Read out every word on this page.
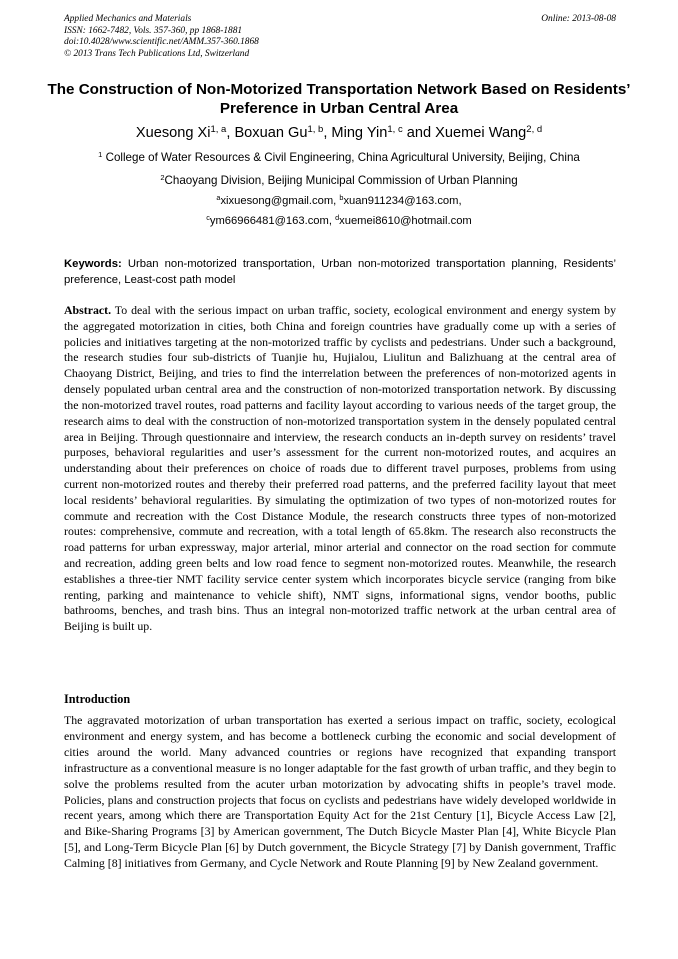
Applied Mechanics and Materials
ISSN: 1662-7482, Vols. 357-360, pp 1868-1881
doi:10.4028/www.scientific.net/AMM.357-360.1868
© 2013 Trans Tech Publications Ltd, Switzerland
Online: 2013-08-08
The Construction of Non-Motorized Transportation Network Based on Residents’ Preference in Urban Central Area
Xuesong Xi$^{1, a}$, Boxuan Gu$^{1, b}$, Ming Yin$^{1, c}$ and Xuemei Wang$^{2, d}$
$^1$ College of Water Resources & Civil Engineering, China Agricultural University, Beijing, China
$^2$Chaoyang Division, Beijing Municipal Commission of Urban Planning
$^a$xixuesong@gmail.com, $^b$xuan911234@163.com,
$^c$ym66966481@163.com, $^d$xuemei8610@hotmail.com
Keywords: Urban non-motorized transportation, Urban non-motorized transportation planning, Residents’ preference, Least-cost path model
Abstract. To deal with the serious impact on urban traffic, society, ecological environment and energy system by the aggregated motorization in cities, both China and foreign countries have gradually come up with a series of policies and initiatives targeting at the non-motorized traffic by cyclists and pedestrians. Under such a background, the research studies four sub-districts of Tuanjie hu, Hujialou, Liulitun and Balizhuang at the central area of Chaoyang District, Beijing, and tries to find the interrelation between the preferences of non-motorized agents in densely populated urban central area and the construction of non-motorized transportation network. By discussing the non-motorized travel routes, road patterns and facility layout according to various needs of the target group, the research aims to deal with the construction of non-motorized transportation system in the densely populated central area in Beijing. Through questionnaire and interview, the research conducts an in-depth survey on residents’ travel purposes, behavioral regularities and user’s assessment for the current non-motorized routes, and acquires an understanding about their preferences on choice of roads due to different travel purposes, problems from using current non-motorized routes and thereby their preferred road patterns, and the preferred facility layout that meet local residents’ behavioral regularities. By simulating the optimization of two types of non-motorized routes for commute and recreation with the Cost Distance Module, the research constructs three types of non-motorized routes: comprehensive, commute and recreation, with a total length of 65.8km. The research also reconstructs the road patterns for urban expressway, major arterial, minor arterial and connector on the road section for commute and recreation, adding green belts and low road fence to segment non-motorized routes. Meanwhile, the research establishes a three-tier NMT facility service center system which incorporates bicycle service (ranging from bike renting, parking and maintenance to vehicle shift), NMT signs, informational signs, vendor booths, public bathrooms, benches, and trash bins. Thus an integral non-motorized traffic network at the urban central area of Beijing is built up.
Introduction
The aggravated motorization of urban transportation has exerted a serious impact on traffic, society, ecological environment and energy system, and has become a bottleneck curbing the economic and social development of cities around the world. Many advanced countries or regions have recognized that expanding transport infrastructure as a conventional measure is no longer adaptable for the fast growth of urban traffic, and they begin to solve the problems resulted from the acuter urban motorization by advocating shifts in people’s travel mode. Policies, plans and construction projects that focus on cyclists and pedestrians have widely developed worldwide in recent years, among which there are Transportation Equity Act for the 21st Century [1], Bicycle Access Law [2], and Bike-Sharing Programs [3] by American government, The Dutch Bicycle Master Plan [4], White Bicycle Plan [5], and Long-Term Bicycle Plan [6] by Dutch government, the Bicycle Strategy [7] by Danish government, Traffic Calming [8] initiatives from Germany, and Cycle Network and Route Planning [9] by New Zealand government.
